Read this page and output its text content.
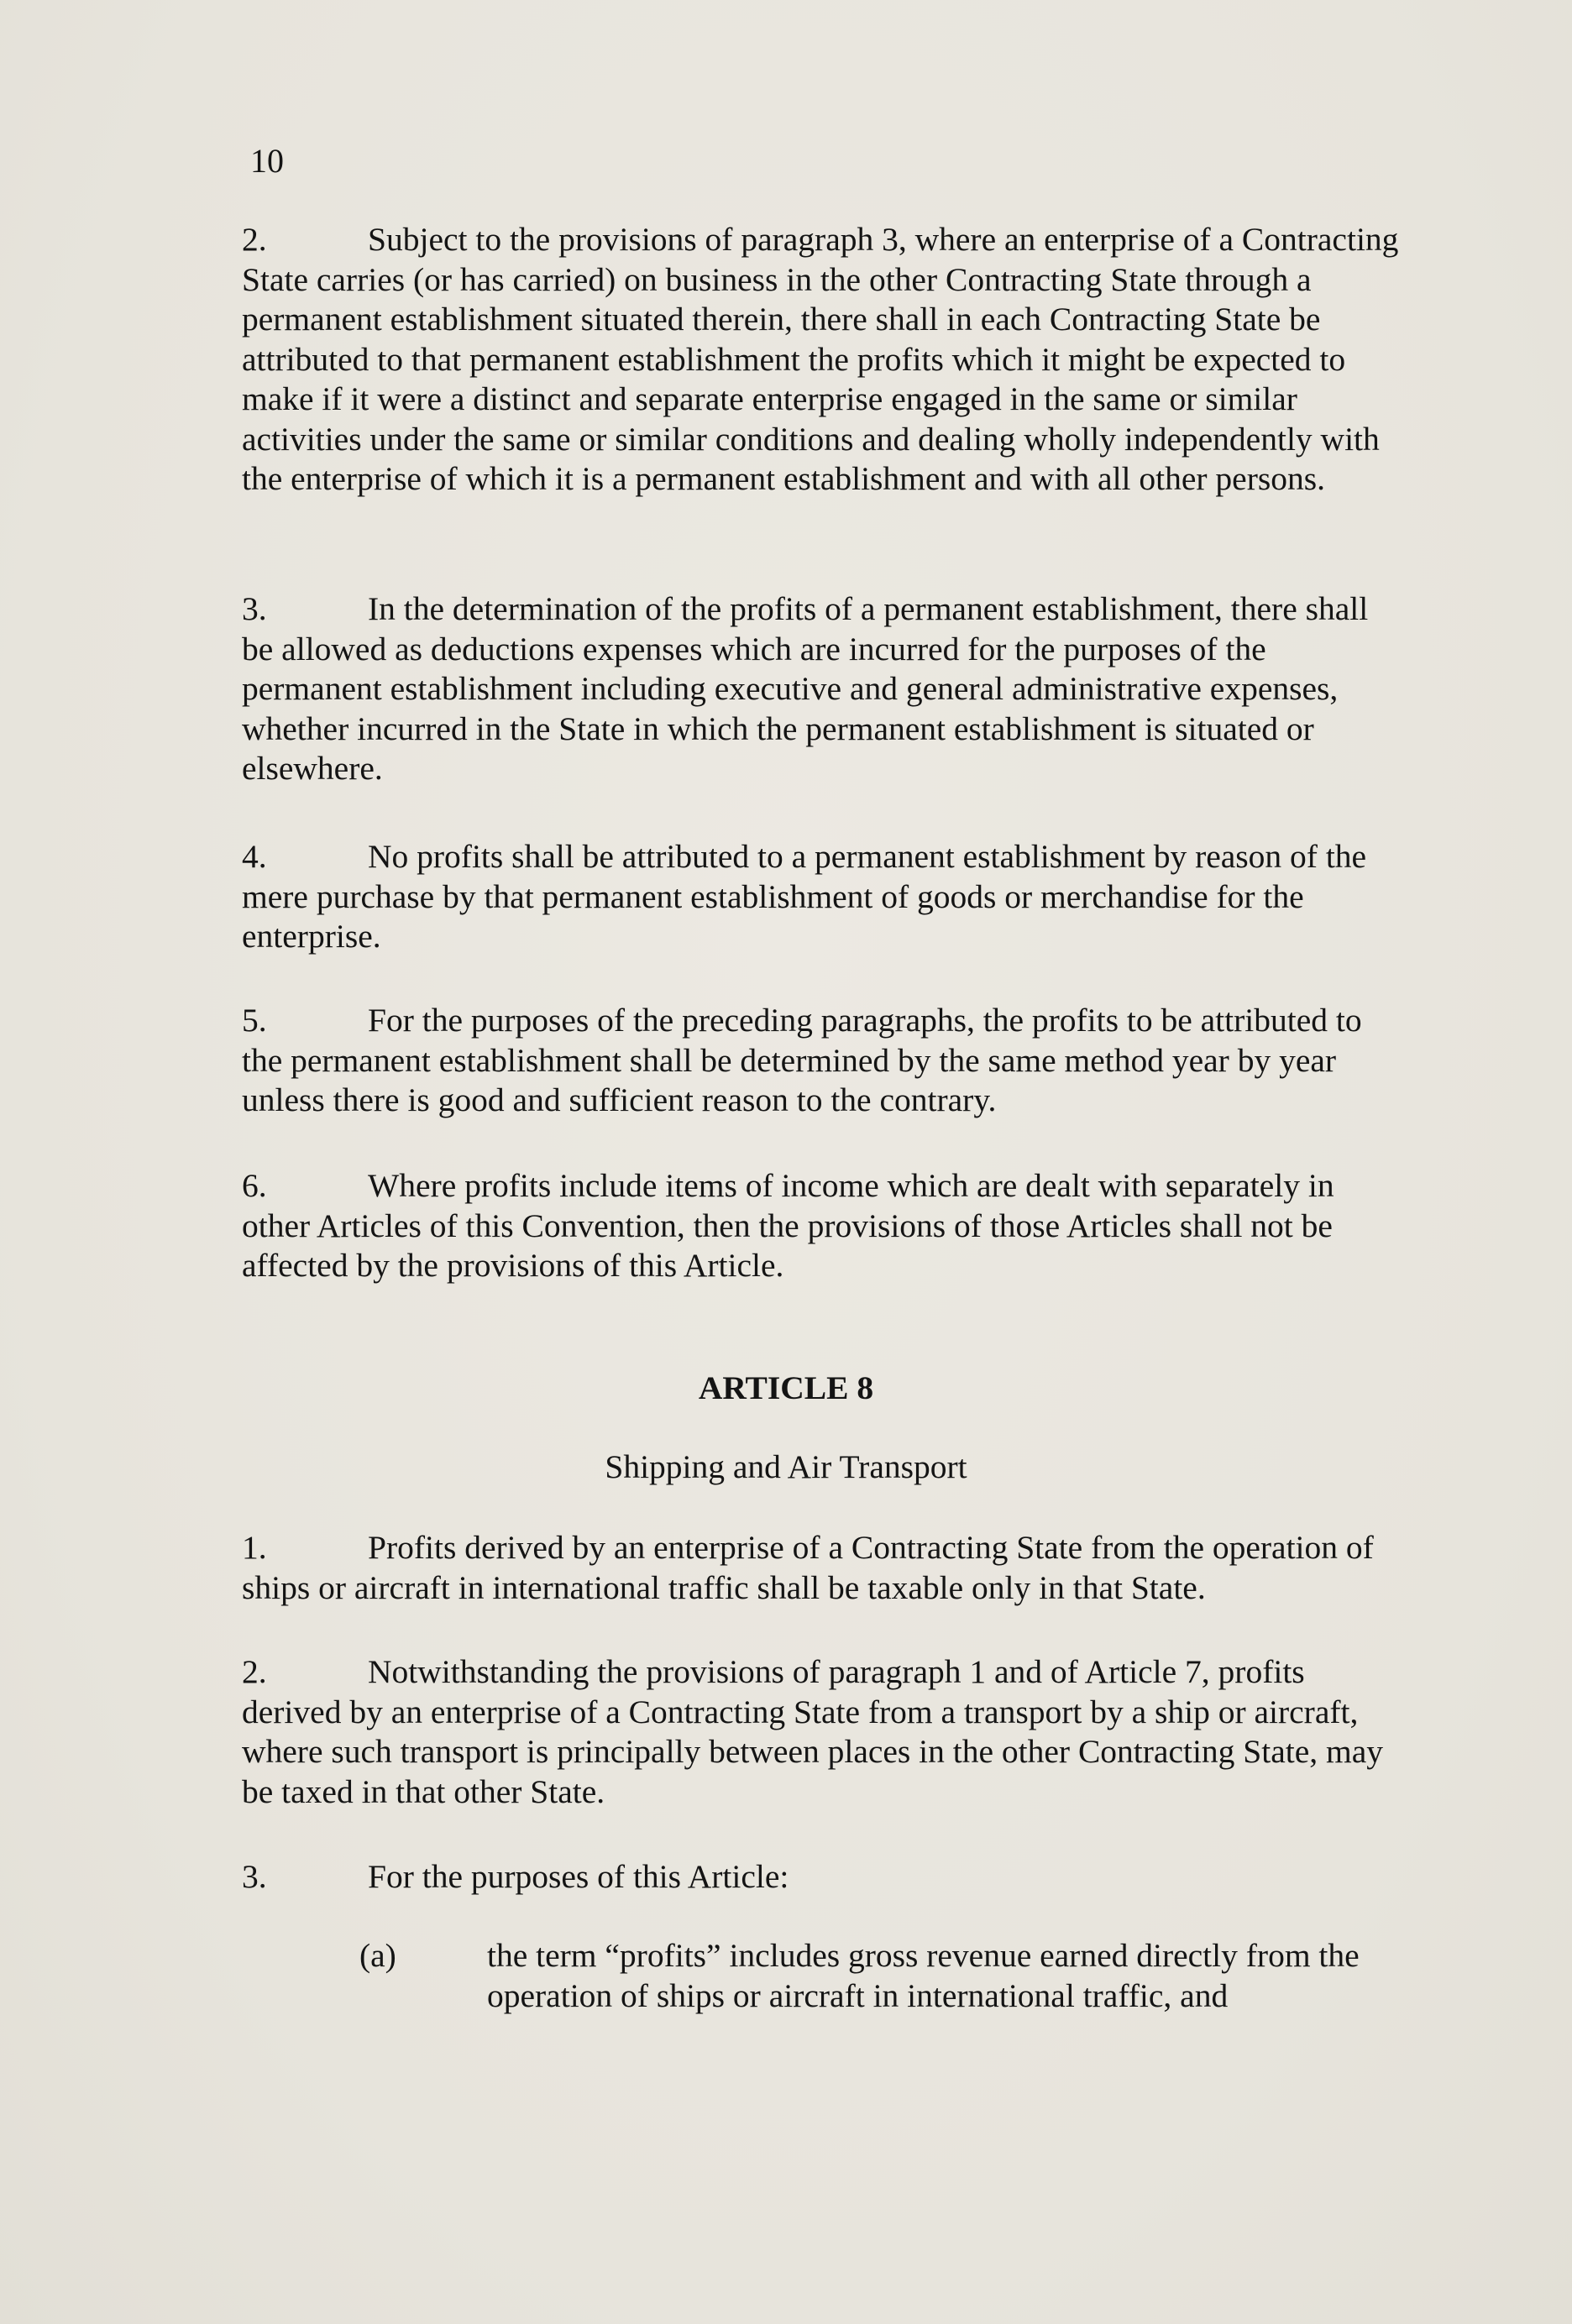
10
2.	Subject to the provisions of paragraph 3, where an enterprise of a Contracting State carries (or has carried) on business in the other Contracting State through a permanent establishment situated therein, there shall in each Contracting State be attributed to that permanent establishment the profits which it might be expected to make if it were a distinct and separate enterprise engaged in the same or similar activities under the same or similar conditions and dealing wholly independently with the enterprise of which it is a permanent establishment and with all other persons.
3.	In the determination of the profits of a permanent establishment, there shall be allowed as deductions expenses which are incurred for the purposes of the permanent establishment including executive and general administrative expenses, whether incurred in the State in which the permanent establishment is situated or elsewhere.
4.	No profits shall be attributed to a permanent establishment by reason of the mere purchase by that permanent establishment of goods or merchandise for the enterprise.
5.	For the purposes of the preceding paragraphs, the profits to be attributed to the permanent establishment shall be determined by the same method year by year unless there is good and sufficient reason to the contrary.
6.	Where profits include items of income which are dealt with separately in other Articles of this Convention, then the provisions of those Articles shall not be affected by the provisions of this Article.
ARTICLE 8
Shipping and Air Transport
1.	Profits derived by an enterprise of a Contracting State from the operation of ships or aircraft in international traffic shall be taxable only in that State.
2.	Notwithstanding the provisions of paragraph 1 and of Article 7, profits derived by an enterprise of a Contracting State from a transport by a ship or aircraft, where such transport is principally between places in the other Contracting State, may be taxed in that other State.
3.	For the purposes of this Article:
(a)	the term “profits” includes gross revenue earned directly from the operation of ships or aircraft in international traffic, and
